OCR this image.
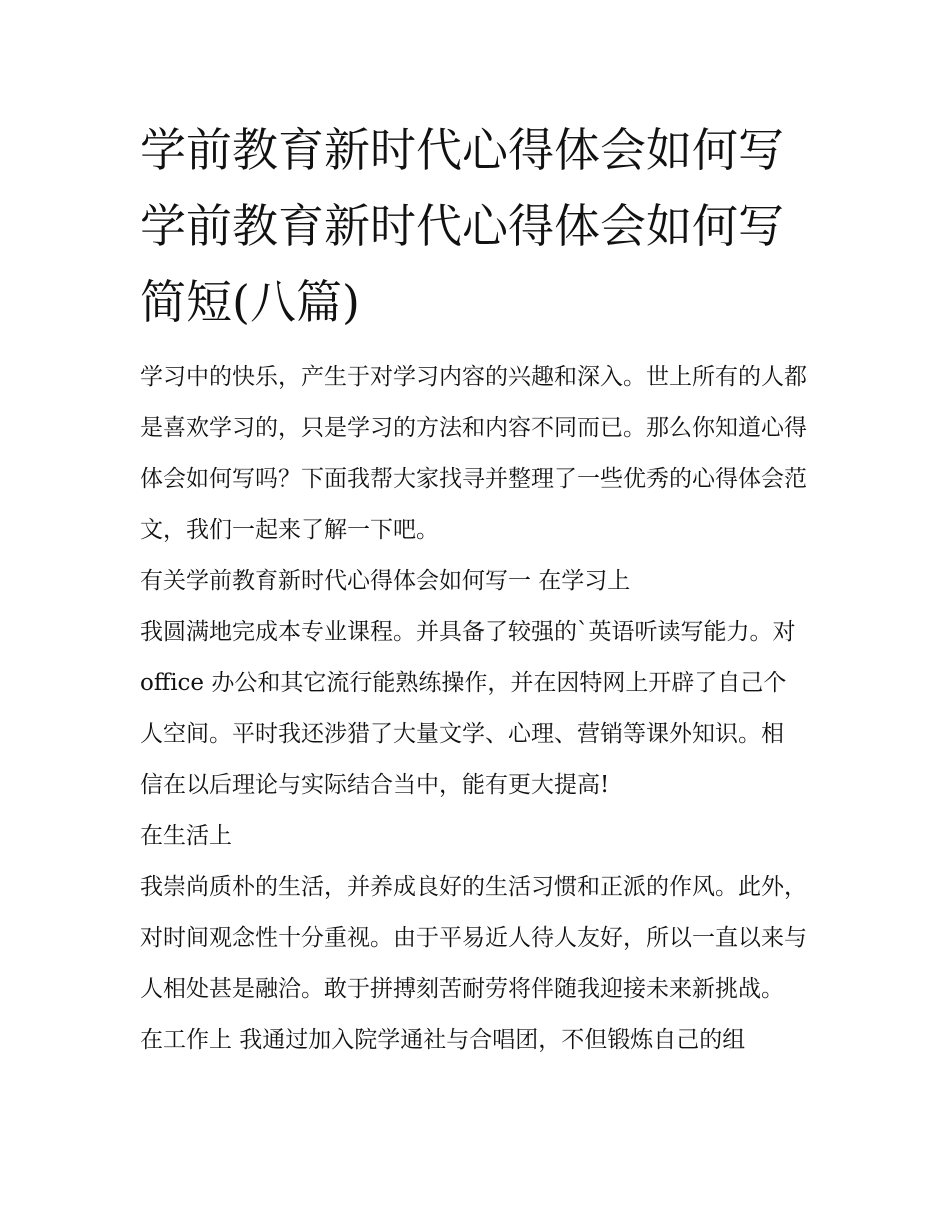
学前教育新时代心得体会如何写 学前教育新时代心得体会如何写简短(八篇)

学习中的快乐，产生于对学习内容的兴趣和深入。世上所有的人都是喜欢学习的，只是学习的方法和内容不同而已。那么你知道心得体会如何写吗？下面我帮大家找寻并整理了一些优秀的心得体会范文，我们一起来了解一下吧。

有关学前教育新时代心得体会如何写一 在学习上

我圆满地完成本专业课程。并具备了较强的`英语听读写能力。对 office 办公和其它流行能熟练操作，并在因特网上开辟了自己个人空间。平时我还涉猎了大量文学、心理、营销等课外知识。相信在以后理论与实际结合当中，能有更大提高!

在生活上

我崇尚质朴的生活，并养成良好的生活习惯和正派的作风。此外，对时间观念性十分重视。由于平易近人待人友好，所以一直以来与人相处甚是融洽。敢于拼搏刻苦耐劳将伴随我迎接未来新挑战。

在工作上 我通过加入院学通社与合唱团，不但锻炼自己的组
